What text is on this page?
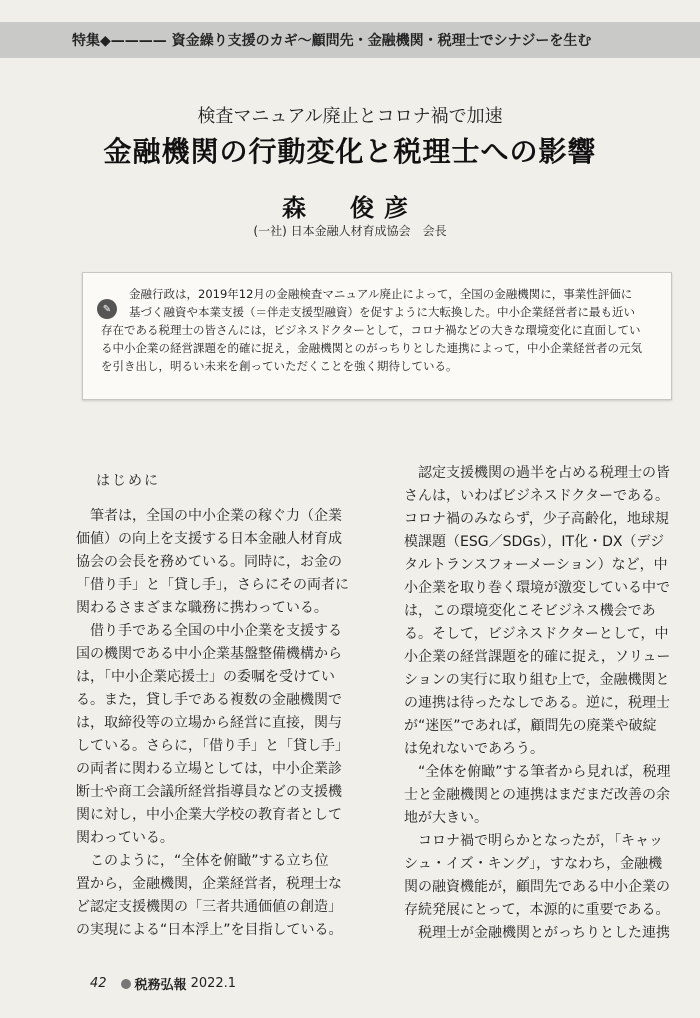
特集◆———— 資金繰り支援のカギ～顧問先・金融機関・税理士でシナジーを生む
検査マニュアル廃止とコロナ禍で加速
金融機関の行動変化と税理士への影響
森　俊彦
(一社) 日本金融人材育成協会　会長
✎
金融行政は，2019年12月の金融検査マニュアル廃止によって，全国の金融機関に，事業性評価に
基づく融資や本業支援（＝伴走支援型融資）を促すように大転換した。中小企業経営者に最も近い
存在である税理士の皆さんには，ビジネスドクターとして，コロナ禍などの大きな環境変化に直面してい
る中小企業の経営課題を的確に捉え，金融機関とのがっちりとした連携によって，中小企業経営者の元気
を引き出し，明るい未来を創っていただくことを強く期待している。
はじめに

筆者は，全国の中小企業の稼ぐ力（企業

価値）の向上を支援する日本金融人材育成

協会の会長を務めている。同時に，お金の

「借り手」と「貸し手」，さらにその両者に

関わるさまざまな職務に携わっている。

借り手である全国の中小企業を支援する

国の機関である中小企業基盤整備機構から

は，「中小企業応援士」の委嘱を受けてい

る。また，貸し手である複数の金融機関で

は，取締役等の立場から経営に直接，関与

している。さらに，「借り手」と「貸し手」

の両者に関わる立場としては，中小企業診

断士や商工会議所経営指導員などの支援機

関に対し，中小企業大学校の教育者として

関わっている。

このように，“全体を俯瞰”する立ち位

置から，金融機関，企業経営者，税理士な

ど認定支援機関の「三者共通価値の創造」

の実現による“日本浮上”を目指している。

認定支援機関の過半を占める税理士の皆

さんは，いわばビジネスドクターである。

コロナ禍のみならず，少子高齢化，地球規

模課題（ESG／SDGs），IT化・DX（デジ

タルトランスフォーメーション）など，中

小企業を取り巻く環境が激変している中で

は，この環境変化こそビジネス機会であ

る。そして，ビジネスドクターとして，中

小企業の経営課題を的確に捉え，ソリュー

ションの実行に取り組む上で，金融機関と

の連携は待ったなしである。逆に，税理士

が“迷医”であれば，顧問先の廃業や破綻

は免れないであろう。

“全体を俯瞰”する筆者から見れば，税理

士と金融機関との連携はまだまだ改善の余

地が大きい。

コロナ禍で明らかとなったが，「キャッ

シュ・イズ・キング」，すなわち，金融機

関の融資機能が，顧問先である中小企業の

存続発展にとって，本源的に重要である。

税理士が金融機関とがっちりとした連携

42 税務弘報 2022.1
